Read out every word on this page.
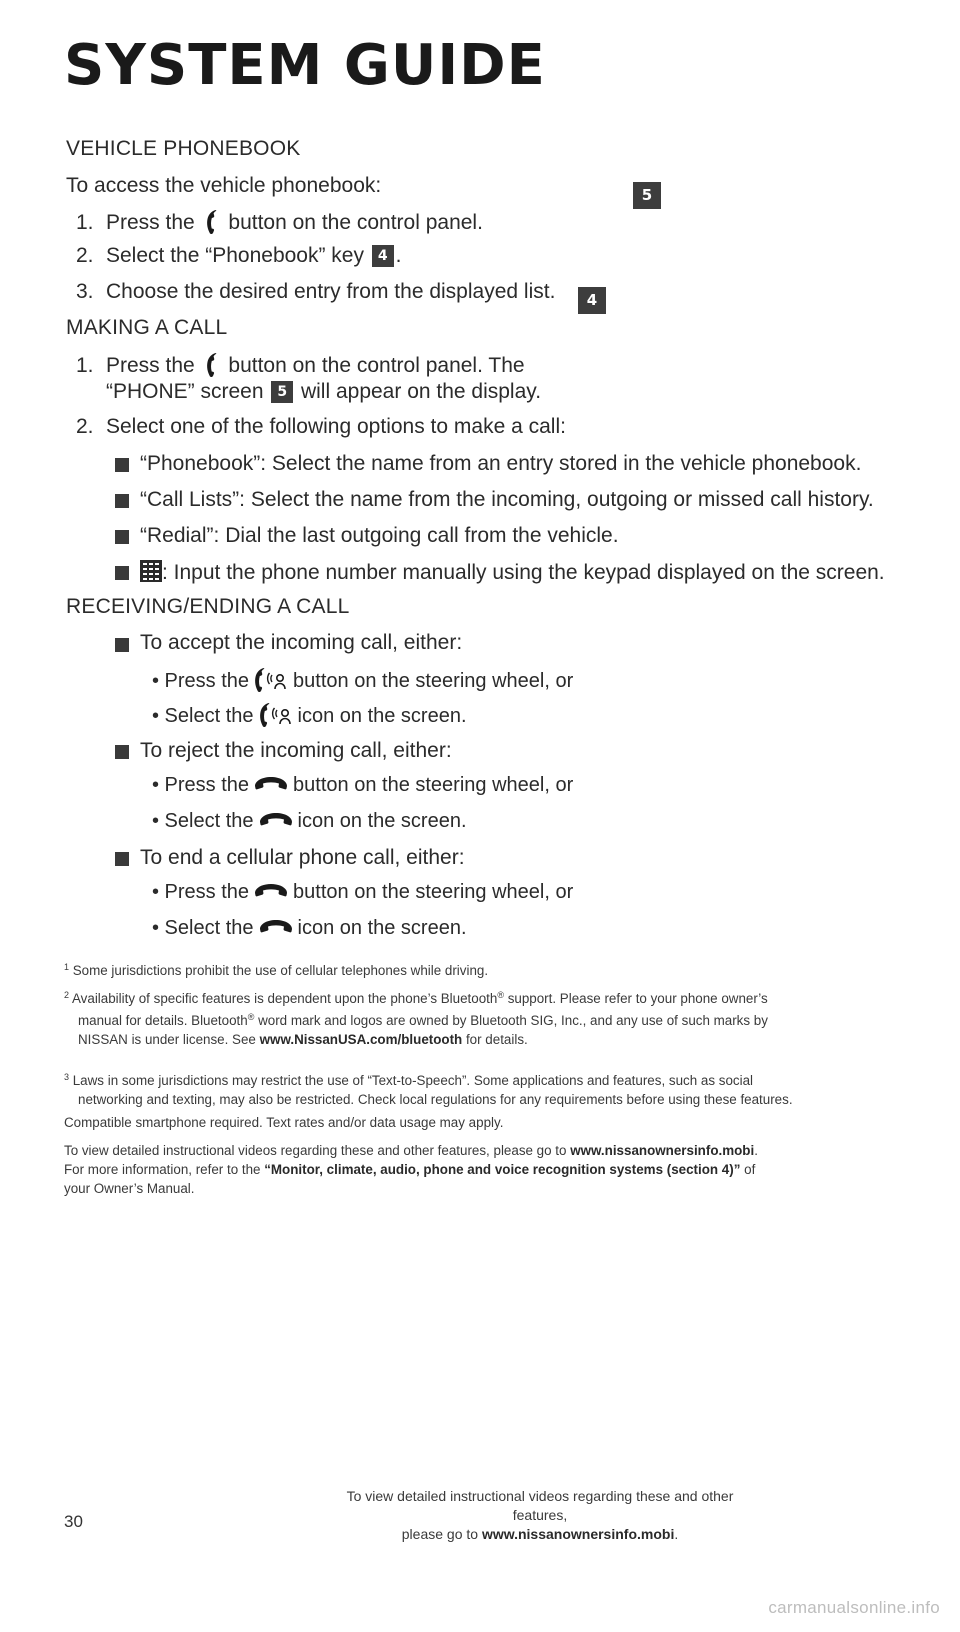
SYSTEM GUIDE
5
4
VEHICLE PHONEBOOK
To access the vehicle phonebook:
1. Press the button on the control panel.
2. Select the “Phonebook” key 4 .
3. Choose the desired entry from the displayed list.
MAKING A CALL
1. Press the button on the control panel. The
“PHONE” screen 5 will appear on the display.
2. Select one of the following options to make a call:
“Phonebook”: Select the name from an entry stored in the vehicle phonebook.
“Call Lists”: Select the name from the incoming, outgoing or missed call history.
“Redial”: Dial the last outgoing call from the vehicle.
: Input the phone number manually using the keypad displayed on the screen.
RECEIVING/ENDING A CALL
To accept the incoming call, either:
• Press the button on the steering wheel, or
• Select the icon on the screen.
To reject the incoming call, either:
• Press the button on the steering wheel, or
• Select the icon on the screen.
To end a cellular phone call, either:
• Press the button on the steering wheel, or
• Select the icon on the screen.
$^1$ Some jurisdictions prohibit the use of cellular telephones while driving.
$^2$ Availability of specific features is dependent upon the phone’s Bluetooth® support. Please refer to your phone owner’s
manual for details. Bluetooth® word mark and logos are owned by Bluetooth SIG, Inc., and any use of such marks by
NISSAN is under license. See www.NissanUSA.com/bluetooth for details.
$^3$ Laws in some jurisdictions may restrict the use of “Text-to-Speech”. Some applications and features, such as social
networking and texting, may also be restricted. Check local regulations for any requirements before using these features.
Compatible smartphone required. Text rates and/or data usage may apply.
To view detailed instructional videos regarding these and other features, please go to www.nissanownersinfo.mobi.
For more information, refer to the “Monitor, climate, audio, phone and voice recognition systems (section 4)” of
your Owner’s Manual.
30
To view detailed instructional videos regarding these and other features,
please go to www.nissanownersinfo.mobi.
carmanualsonline.info
